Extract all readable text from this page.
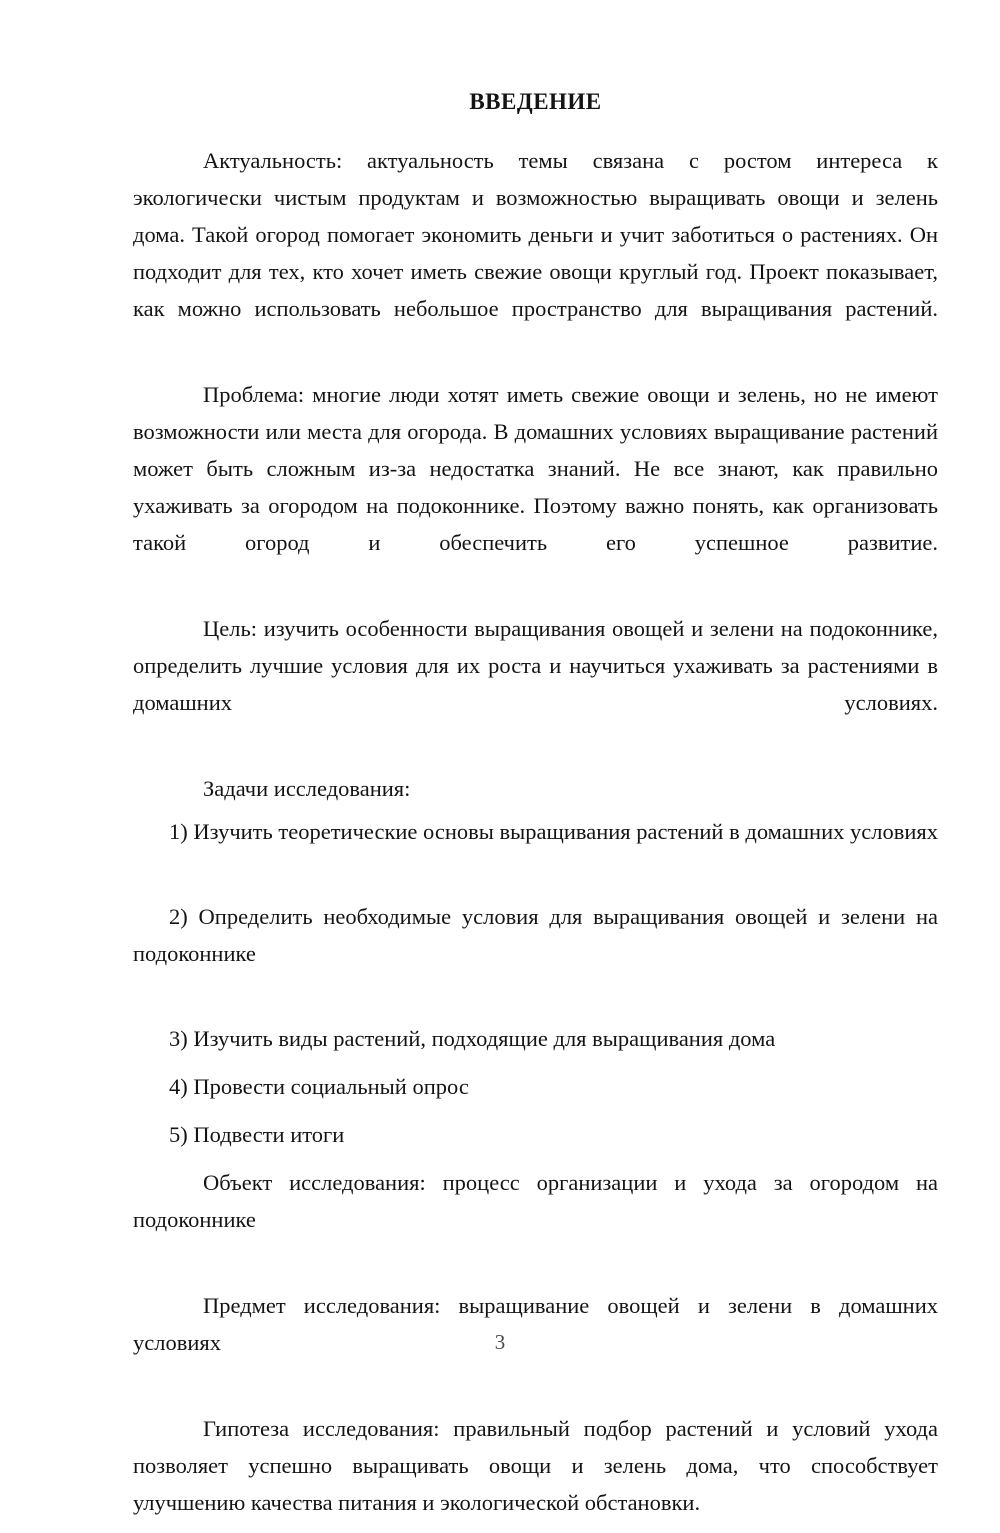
ВВЕДЕНИЕ

Актуальность: актуальность темы связана с ростом интереса к экологически чистым продуктам и возможностью выращивать овощи и зелень дома. Такой огород помогает экономить деньги и учит заботиться о растениях. Он подходит для тех, кто хочет иметь свежие овощи круглый год. Проект показывает, как можно использовать небольшое пространство для выращивания растений.

Проблема: многие люди хотят иметь свежие овощи и зелень, но не имеют возможности или места для огорода. В домашних условиях выращивание растений может быть сложным из-за недостатка знаний. Не все знают, как правильно ухаживать за огородом на подоконнике. Поэтому важно понять, как организовать такой огород и обеспечить его успешное развитие.

Цель: изучить особенности выращивания овощей и зелени на подоконнике, определить лучшие условия для их роста и научиться ухаживать за растениями в домашних условиях.

Задачи исследования:

1) Изучить теоретические основы выращивания растений в домашних условиях
2) Определить необходимые условия для выращивания овощей и зелени на подоконнике
3) Изучить виды растений, подходящие для выращивания дома
4) Провести социальный опрос
5) Подвести итоги

Объект исследования: процесс организации и ухода за огородом на подоконнике

Предмет исследования: выращивание овощей и зелени в домашних условиях

Гипотеза исследования: правильный подбор растений и условий ухода позволяет успешно выращивать овощи и зелень дома, что способствует улучшению качества питания и экологической обстановки.

3
